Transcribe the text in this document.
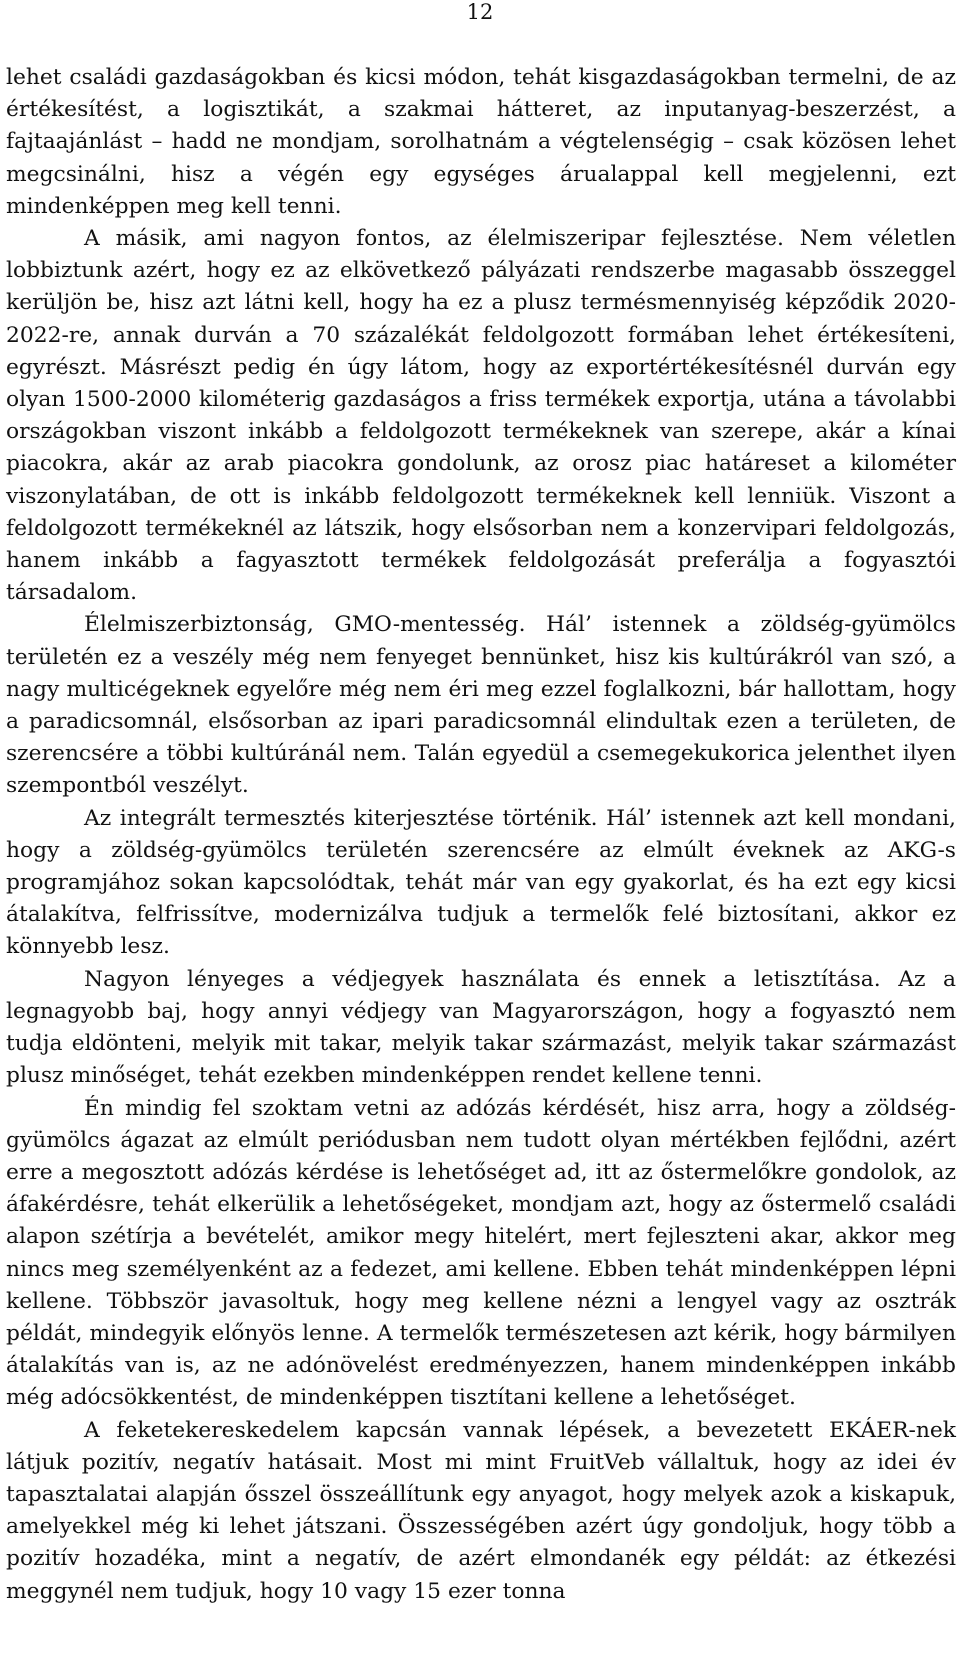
12

lehet családi gazdaságokban és kicsi módon, tehát kisgazdaságokban termelni, de az értékesítést, a logisztikát, a szakmai hátteret, az inputanyag-beszerzést, a fajtaajánlást – hadd ne mondjam, sorolhatnám a végtelenségig – csak közösen lehet megcsinálni, hisz a végén egy egységes árualappal kell megjelenni, ezt mindenképpen meg kell tenni.

A másik, ami nagyon fontos, az élelmiszeripar fejlesztése. Nem véletlen lobbiztunk azért, hogy ez az elkövetkező pályázati rendszerbe magasabb összeggel kerüljön be, hisz azt látni kell, hogy ha ez a plusz termésmennyiség képződik 2020-2022-re, annak durván a 70 százalékát feldolgozott formában lehet értékesíteni, egyrészt. Másrészt pedig én úgy látom, hogy az exportértékesítésnél durván egy olyan 1500-2000 kilométerig gazdaságos a friss termékek exportja, utána a távolabbi országokban viszont inkább a feldolgozott termékeknek van szerepe, akár a kínai piacokra, akár az arab piacokra gondolunk, az orosz piac határeset a kilométer viszonylatában, de ott is inkább feldolgozott termékeknek kell lenniük. Viszont a feldolgozott termékeknél az látszik, hogy elsősorban nem a konzervipari feldolgozás, hanem inkább a fagyasztott termékek feldolgozását preferálja a fogyasztói társadalom.

Élelmiszerbiztonság, GMO-mentesség. Hál’ istennek a zöldség-gyümölcs területén ez a veszély még nem fenyeget bennünket, hisz kis kultúrákról van szó, a nagy multicégeknek egyelőre még nem éri meg ezzel foglalkozni, bár hallottam, hogy a paradicsomnál, elsősorban az ipari paradicsomnál elindultak ezen a területen, de szerencsére a többi kultúránál nem. Talán egyedül a csemegekukorica jelenthet ilyen szempontból veszélyt.

Az integrált termesztés kiterjesztése történik. Hál’ istennek azt kell mondani, hogy a zöldség-gyümölcs területén szerencsére az elmúlt éveknek az AKG-s programjához sokan kapcsolódtak, tehát már van egy gyakorlat, és ha ezt egy kicsi átalakítva, felfrissítve, modernizálva tudjuk a termelők felé biztosítani, akkor ez könnyebb lesz.

Nagyon lényeges a védjegyek használata és ennek a letisztítása. Az a legnagyobb baj, hogy annyi védjegy van Magyarországon, hogy a fogyasztó nem tudja eldönteni, melyik mit takar, melyik takar származást, melyik takar származást plusz minőséget, tehát ezekben mindenképpen rendet kellene tenni.

Én mindig fel szoktam vetni az adózás kérdését, hisz arra, hogy a zöldség-gyümölcs ágazat az elmúlt periódusban nem tudott olyan mértékben fejlődni, azért erre a megosztott adózás kérdése is lehetőséget ad, itt az őstermelőkre gondolok, az áfakérdésre, tehát elkerülik a lehetőségeket, mondjam azt, hogy az őstermelő családi alapon szétírja a bevételét, amikor megy hitelért, mert fejleszteni akar, akkor meg nincs meg személyenként az a fedezet, ami kellene. Ebben tehát mindenképpen lépni kellene. Többször javasoltuk, hogy meg kellene nézni a lengyel vagy az osztrák példát, mindegyik előnyös lenne. A termelők természetesen azt kérik, hogy bármilyen átalakítás van is, az ne adónövelést eredményezzen, hanem mindenképpen inkább még adócsökkentést, de mindenképpen tisztítani kellene a lehetőséget.

A feketekereskedelem kapcsán vannak lépések, a bevezetett EKÁER-nek látjuk pozitív, negatív hatásait. Most mi mint FruitVeb vállaltuk, hogy az idei év tapasztalatai alapján ősszel összeállítunk egy anyagot, hogy melyek azok a kiskapuk, amelyekkel még ki lehet játszani. Összességében azért úgy gondoljuk, hogy több a pozitív hozadéka, mint a negatív, de azért elmondanék egy példát: az étkezési meggynél nem tudjuk, hogy 10 vagy 15 ezer tonna
